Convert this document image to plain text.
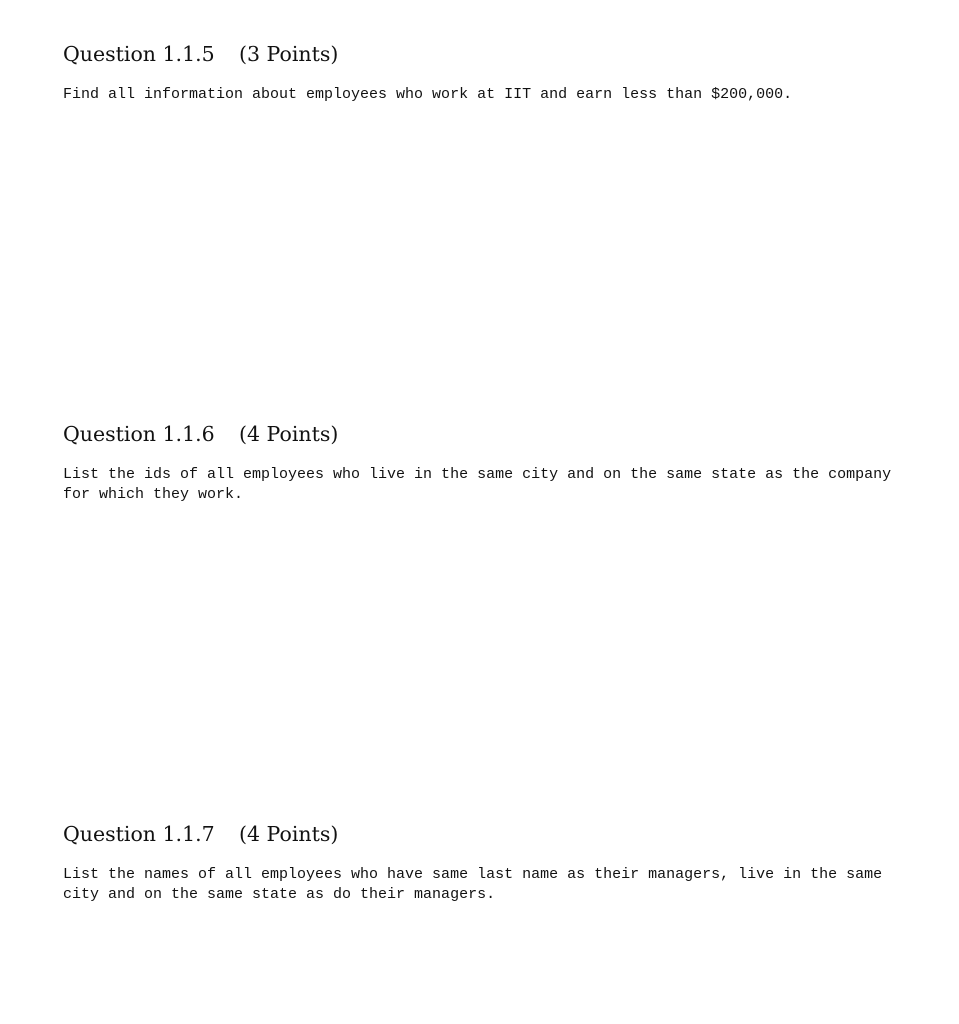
Question 1.1.5 (3 Points)

Find all information about employees who work at IIT and earn less than $200,000.

Question 1.1.6 (4 Points)

List the ids of all employees who live in the same city and on the same state as the company for which they work.

Question 1.1.7 (4 Points)

List the names of all employees who have same last name as their managers, live in the same city and on the same state as do their managers.
